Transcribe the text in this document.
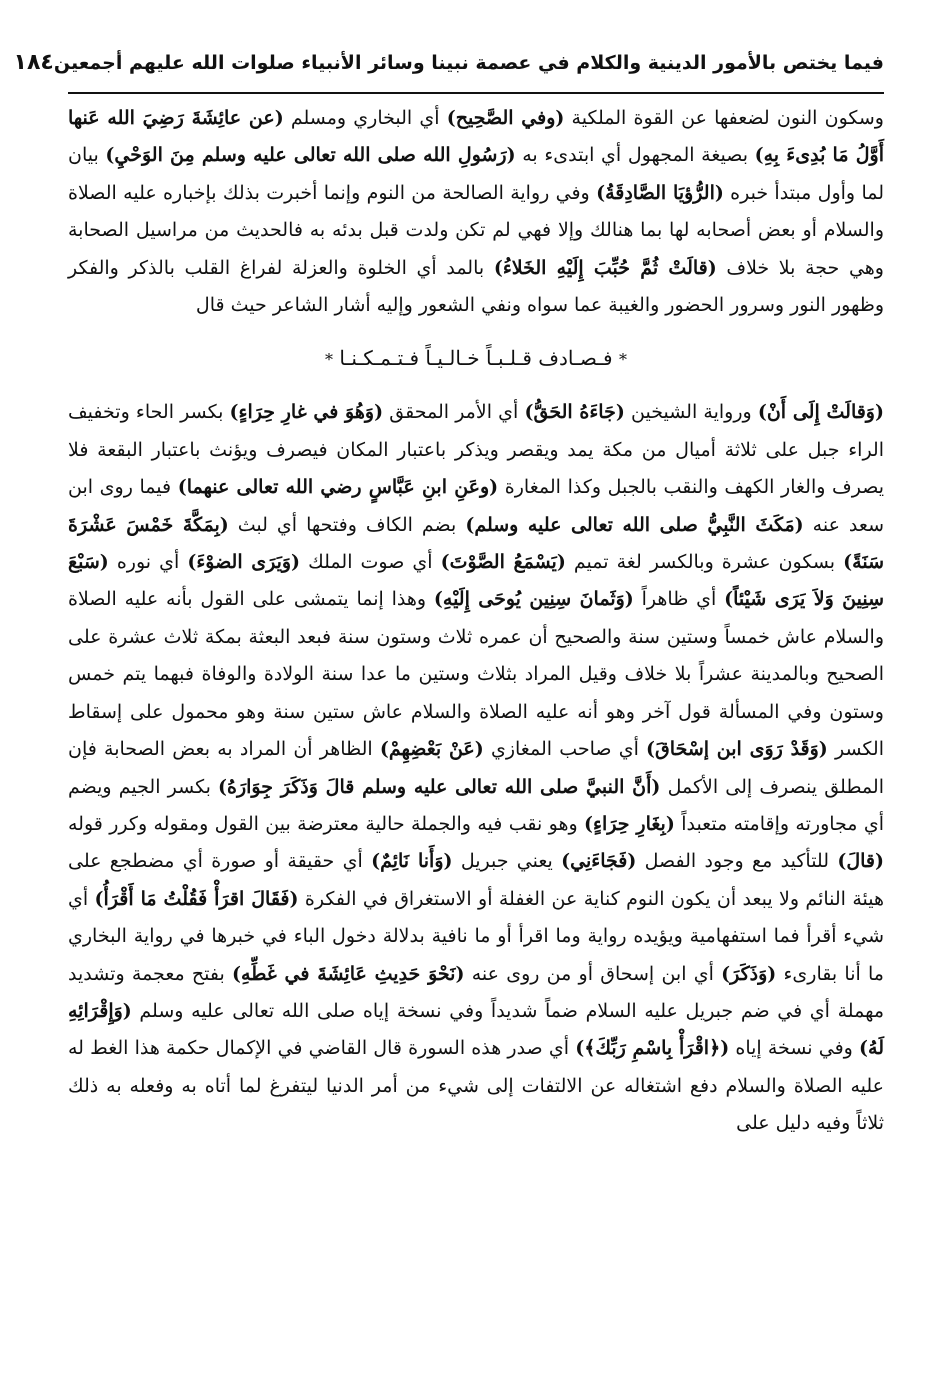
فيما يختص بالأمور الدينية والكلام في عصمة نبينا وسائر الأنبياء صلوات الله عليهم أجمعين
١٨٤

وسكون النون لضعفها عن القوة الملكية (وفي الصَّحِيح) أي البخاري ومسلم (عن عائِشَةَ رَضِيَ الله عَنها أَوَّلُ مَا بُدِىءَ بِهِ) بصيغة المجهول أي ابتدىء به (رَسُولِ الله صلى الله تعالى عليه وسلم مِنَ الوَحْيِ) بيان لما وأول مبتدأ خبره (الرُّؤيَا الصَّادِقَةُ) وفي رواية الصالحة من النوم وإنما أخبرت بذلك بإخباره عليه الصلاة والسلام أو بعض أصحابه لها بما هنالك وإلا فهي لم تكن ولدت قبل بدئه به فالحديث من مراسيل الصحابة وهي حجة بلا خلاف (قالَتْ ثُمَّ حُبِّبَ إِلَيْهِ الخَلاءُ) بالمد أي الخلوة والعزلة لفراغ القلب بالذكر والفكر وظهور النور وسرور الحضور والغيبة عما سواه ونفي الشعور وإليه أشار الشاعر حيث قال

* فـصـادف قـلـبـاً خـالـيـاً فـتـمـكـنـا *

(وَقالَتْ إِلَى أَنْ) ورواية الشيخين (جَاءَهُ الحَقُّ) أي الأمر المحقق (وَهُوَ في غارِ حِرَاءٍ) بكسر الحاء وتخفيف الراء جبل على ثلاثة أميال من مكة يمد ويقصر ويذكر باعتبار المكان فيصرف ويؤنث باعتبار البقعة فلا يصرف والغار الكهف والنقب بالجبل وكذا المغارة (وعَنِ ابنِ عَبَّاسٍ رضي الله تعالى عنهما) فيما روى ابن سعد عنه (مَكَثَ النَّبِيُّ صلى الله تعالى عليه وسلم) بضم الكاف وفتحها أي لبث (بِمَكَّةَ خَمْسَ عَشْرَةَ سَنَةً) بسكون عشرة وبالكسر لغة تميم (يَسْمَعُ الصَّوْتَ) أي صوت الملك (وَيَرَى الضوْءَ) أي نوره (سَبْعَ سِنِينَ وَلاَ يَرَى شَيْئاً) أي ظاهراً (وَثَمانَ سِنِين يُوحَى إِلَيْهِ) وهذا إنما يتمشى على القول بأنه عليه الصلاة والسلام عاش خمساً وستين سنة والصحيح أن عمره ثلاث وستون سنة فبعد البعثة بمكة ثلاث عشرة على الصحيح وبالمدينة عشراً بلا خلاف وقيل المراد بثلاث وستين ما عدا سنة الولادة والوفاة فبهما يتم خمس وستون وفي المسألة قول آخر وهو أنه عليه الصلاة والسلام عاش ستين سنة وهو محمول على إسقاط الكسر (وَقَدْ رَوَى ابن إسْحَاقَ) أي صاحب المغازي (عَنْ بَعْضِهِمْ) الظاهر أن المراد به بعض الصحابة فإن المطلق ينصرف إلى الأكمل (أَنَّ النبيَّ صلى الله تعالى عليه وسلم قالَ وَذَكَرَ جِوَارَهُ) بكسر الجيم ويضم أي مجاورته وإقامته متعبداً (بِغَارِ حِرَاءٍ) وهو نقب فيه والجملة حالية معترضة بين القول ومقوله وكرر قوله (قالَ) للتأكيد مع وجود الفصل (فَجَاءَنِي) يعني جبريل (وَأَنا نَائِمٌ) أي حقيقة أو صورة أي مضطجع على هيئة النائم ولا يبعد أن يكون النوم كناية عن الغفلة أو الاستغراق في الفكرة (فَقَالَ اقرَأْ فَقُلْتُ مَا أَقْرَأُ) أي شيء أقرأ فما استفهامية ويؤيده رواية وما اقرأ أو ما نافية بدلالة دخول الباء في خبرها في رواية البخاري ما أنا بقارىء (وَذَكَرَ) أي ابن إسحاق أو من روى عنه (نَحْوَ حَدِيثِ عَائِشَةَ في غَطِّهِ) بفتح معجمة وتشديد مهملة أي في ضم جبريل عليه السلام ضماً شديداً وفي نسخة إياه صلى الله تعالى عليه وسلم (وَإِقْرَائِهِ لَهُ) وفي نسخة إياه (﴿اقْرَأْ بِاسْمِ رَبِّكَ﴾) أي صدر هذه السورة قال القاضي في الإكمال حكمة هذا الغط له عليه الصلاة والسلام دفع اشتغاله عن الالتفات إلى شيء من أمر الدنيا ليتفرغ لما أتاه به وفعله به ذلك ثلاثاً وفيه دليل على
